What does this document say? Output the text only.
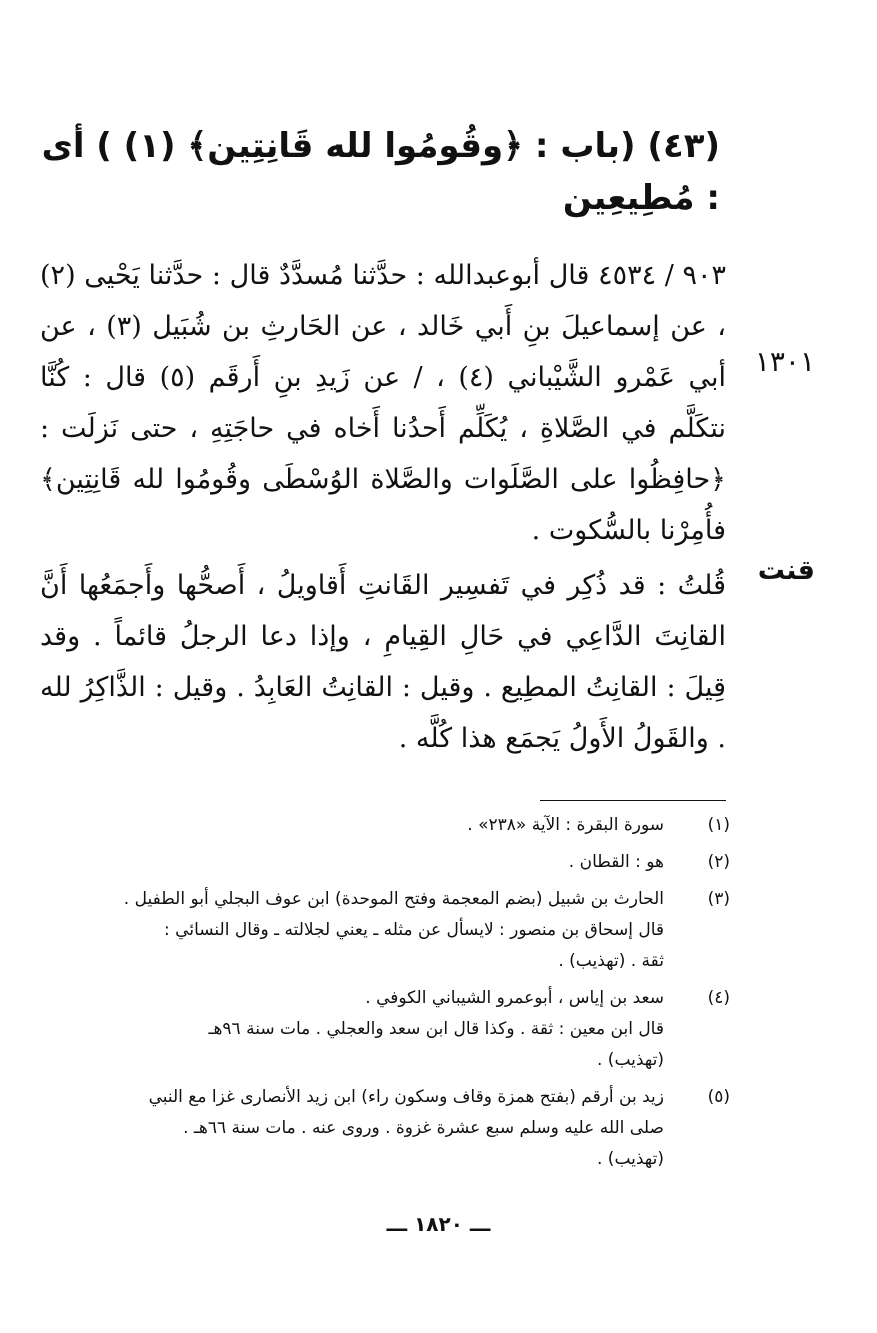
(٤٣) (باب : ﴿وقُومُوا لله قَانِتِين﴾ (١) ) أى : مُطِيعِين
١٣٠١
قنت
٩٠٣ / ٤٥٣٤ قال أبوعبدالله : حدَّثنا مُسدَّدٌ قال : حدَّثنا يَحْيى (٢) ، عن إسماعيلَ بنِ أَبي خَالد ، عن الحَارثِ بن شُبَيل (٣) ، عن أبي عَمْرو الشَّيْباني (٤) ، / عن زَيدِ بنِ أَرقَم (٥) قال : كُنَّا نتكَلَّم في الصَّلاةِ ، يُكَلِّم أَحدُنا أَخاه في حاجَتِهِ ، حتى نَزلَت : ﴿حافِظُوا على الصَّلَوات والصَّلاة الوُسْطَى وقُومُوا لله قَانِتِين﴾ فأُمِرْنا بالسُّكوت .
قُلتُ : قد ذُكِر في تَفسِير القَانتِ أَقاويلُ ، أَصحُّها وأَجمَعُها أَنَّ القانِتَ الدَّاعِي في حَالِ القِيامِ ، وإذا دعا الرجلُ قائماً . وقد قِيلَ : القانِتُ المطِيع . وقيل : القانِتُ العَابِدُ . وقيل : الذَّاكِرُ لله . والقَولُ الأَولُ يَجمَع هذا كُلَّه .
سورة البقرة : الآية «٢٣٨» .	(١)
هو : القطان .	(٢)
الحارث بن شبيل (بضم المعجمة وفتح الموحدة) ابن عوف البجلي أبو الطفيل .
قال إسحاق بن منصور : لايسأل عن مثله ـ يعني لجلالته ـ وقال النسائي :
ثقة . (تهذيب) .
(٣)
سعد بن إياس ، أبوعمرو الشيباني الكوفي .
قال ابن معين : ثقة . وكذا قال ابن سعد والعجلي . مات سنة ٩٦هـ
(تهذيب) .
(٤)
زيد بن أرقم (بفتح همزة وقاف وسكون راء) ابن زيد الأنصارى غزا مع النبي
صلى الله عليه وسلم سبع عشرة غزوة . وروى عنه . مات سنة ٦٦هـ .
(تهذيب) .
(٥)
ـــ ١٨٢٠ ـــ
